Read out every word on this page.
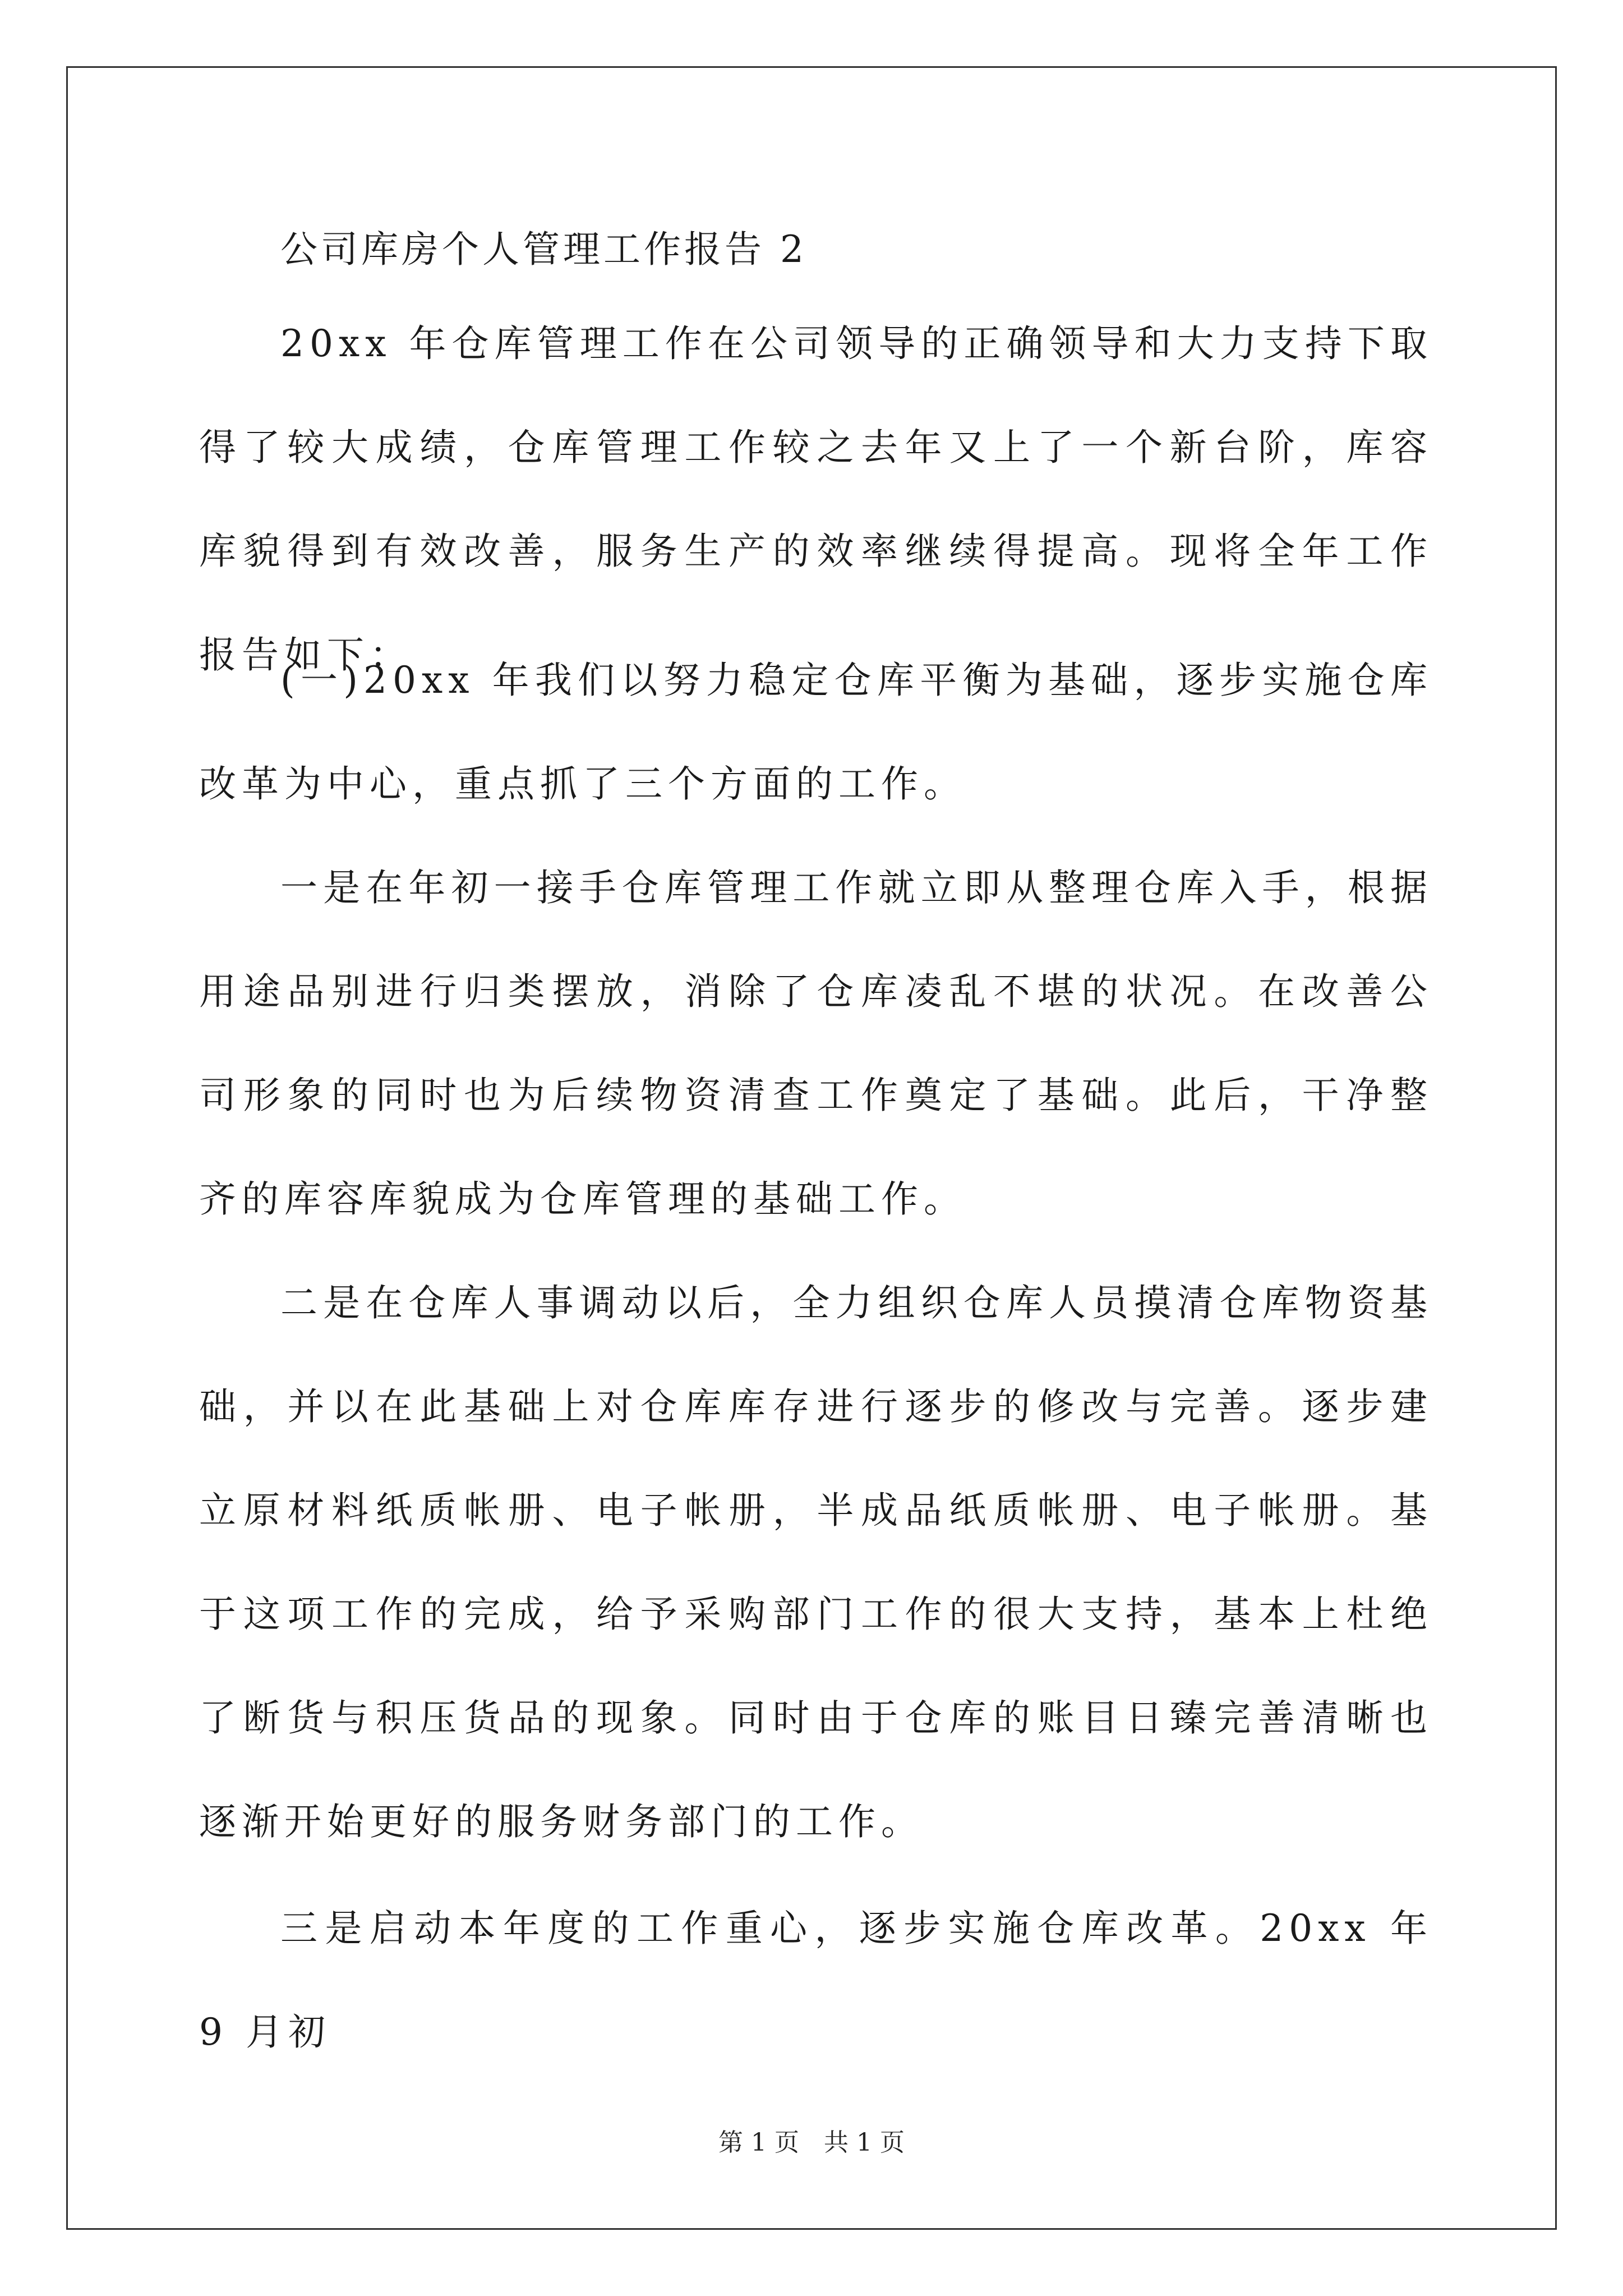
公司库房个人管理工作报告 2
20xx 年仓库管理工作在公司领导的正确领导和大力支持下取得了较大成绩，仓库管理工作较之去年又上了一个新台阶，库容库貌得到有效改善，服务生产的效率继续得提高。现将全年工作报告如下：
(一)20xx 年我们以努力稳定仓库平衡为基础，逐步实施仓库改革为中心，重点抓了三个方面的工作。
一是在年初一接手仓库管理工作就立即从整理仓库入手，根据用途品别进行归类摆放，消除了仓库凌乱不堪的状况。在改善公司形象的同时也为后续物资清查工作奠定了基础。此后，干净整齐的库容库貌成为仓库管理的基础工作。
二是在仓库人事调动以后，全力组织仓库人员摸清仓库物资基础，并以在此基础上对仓库库存进行逐步的修改与完善。逐步建立原材料纸质帐册、电子帐册，半成品纸质帐册、电子帐册。基于这项工作的完成，给予采购部门工作的很大支持，基本上杜绝了断货与积压货品的现象。同时由于仓库的账目日臻完善清晰也逐渐开始更好的服务财务部门的工作。
三是启动本年度的工作重心，逐步实施仓库改革。20xx 年 9 月初
第 1 页　共 1 页
